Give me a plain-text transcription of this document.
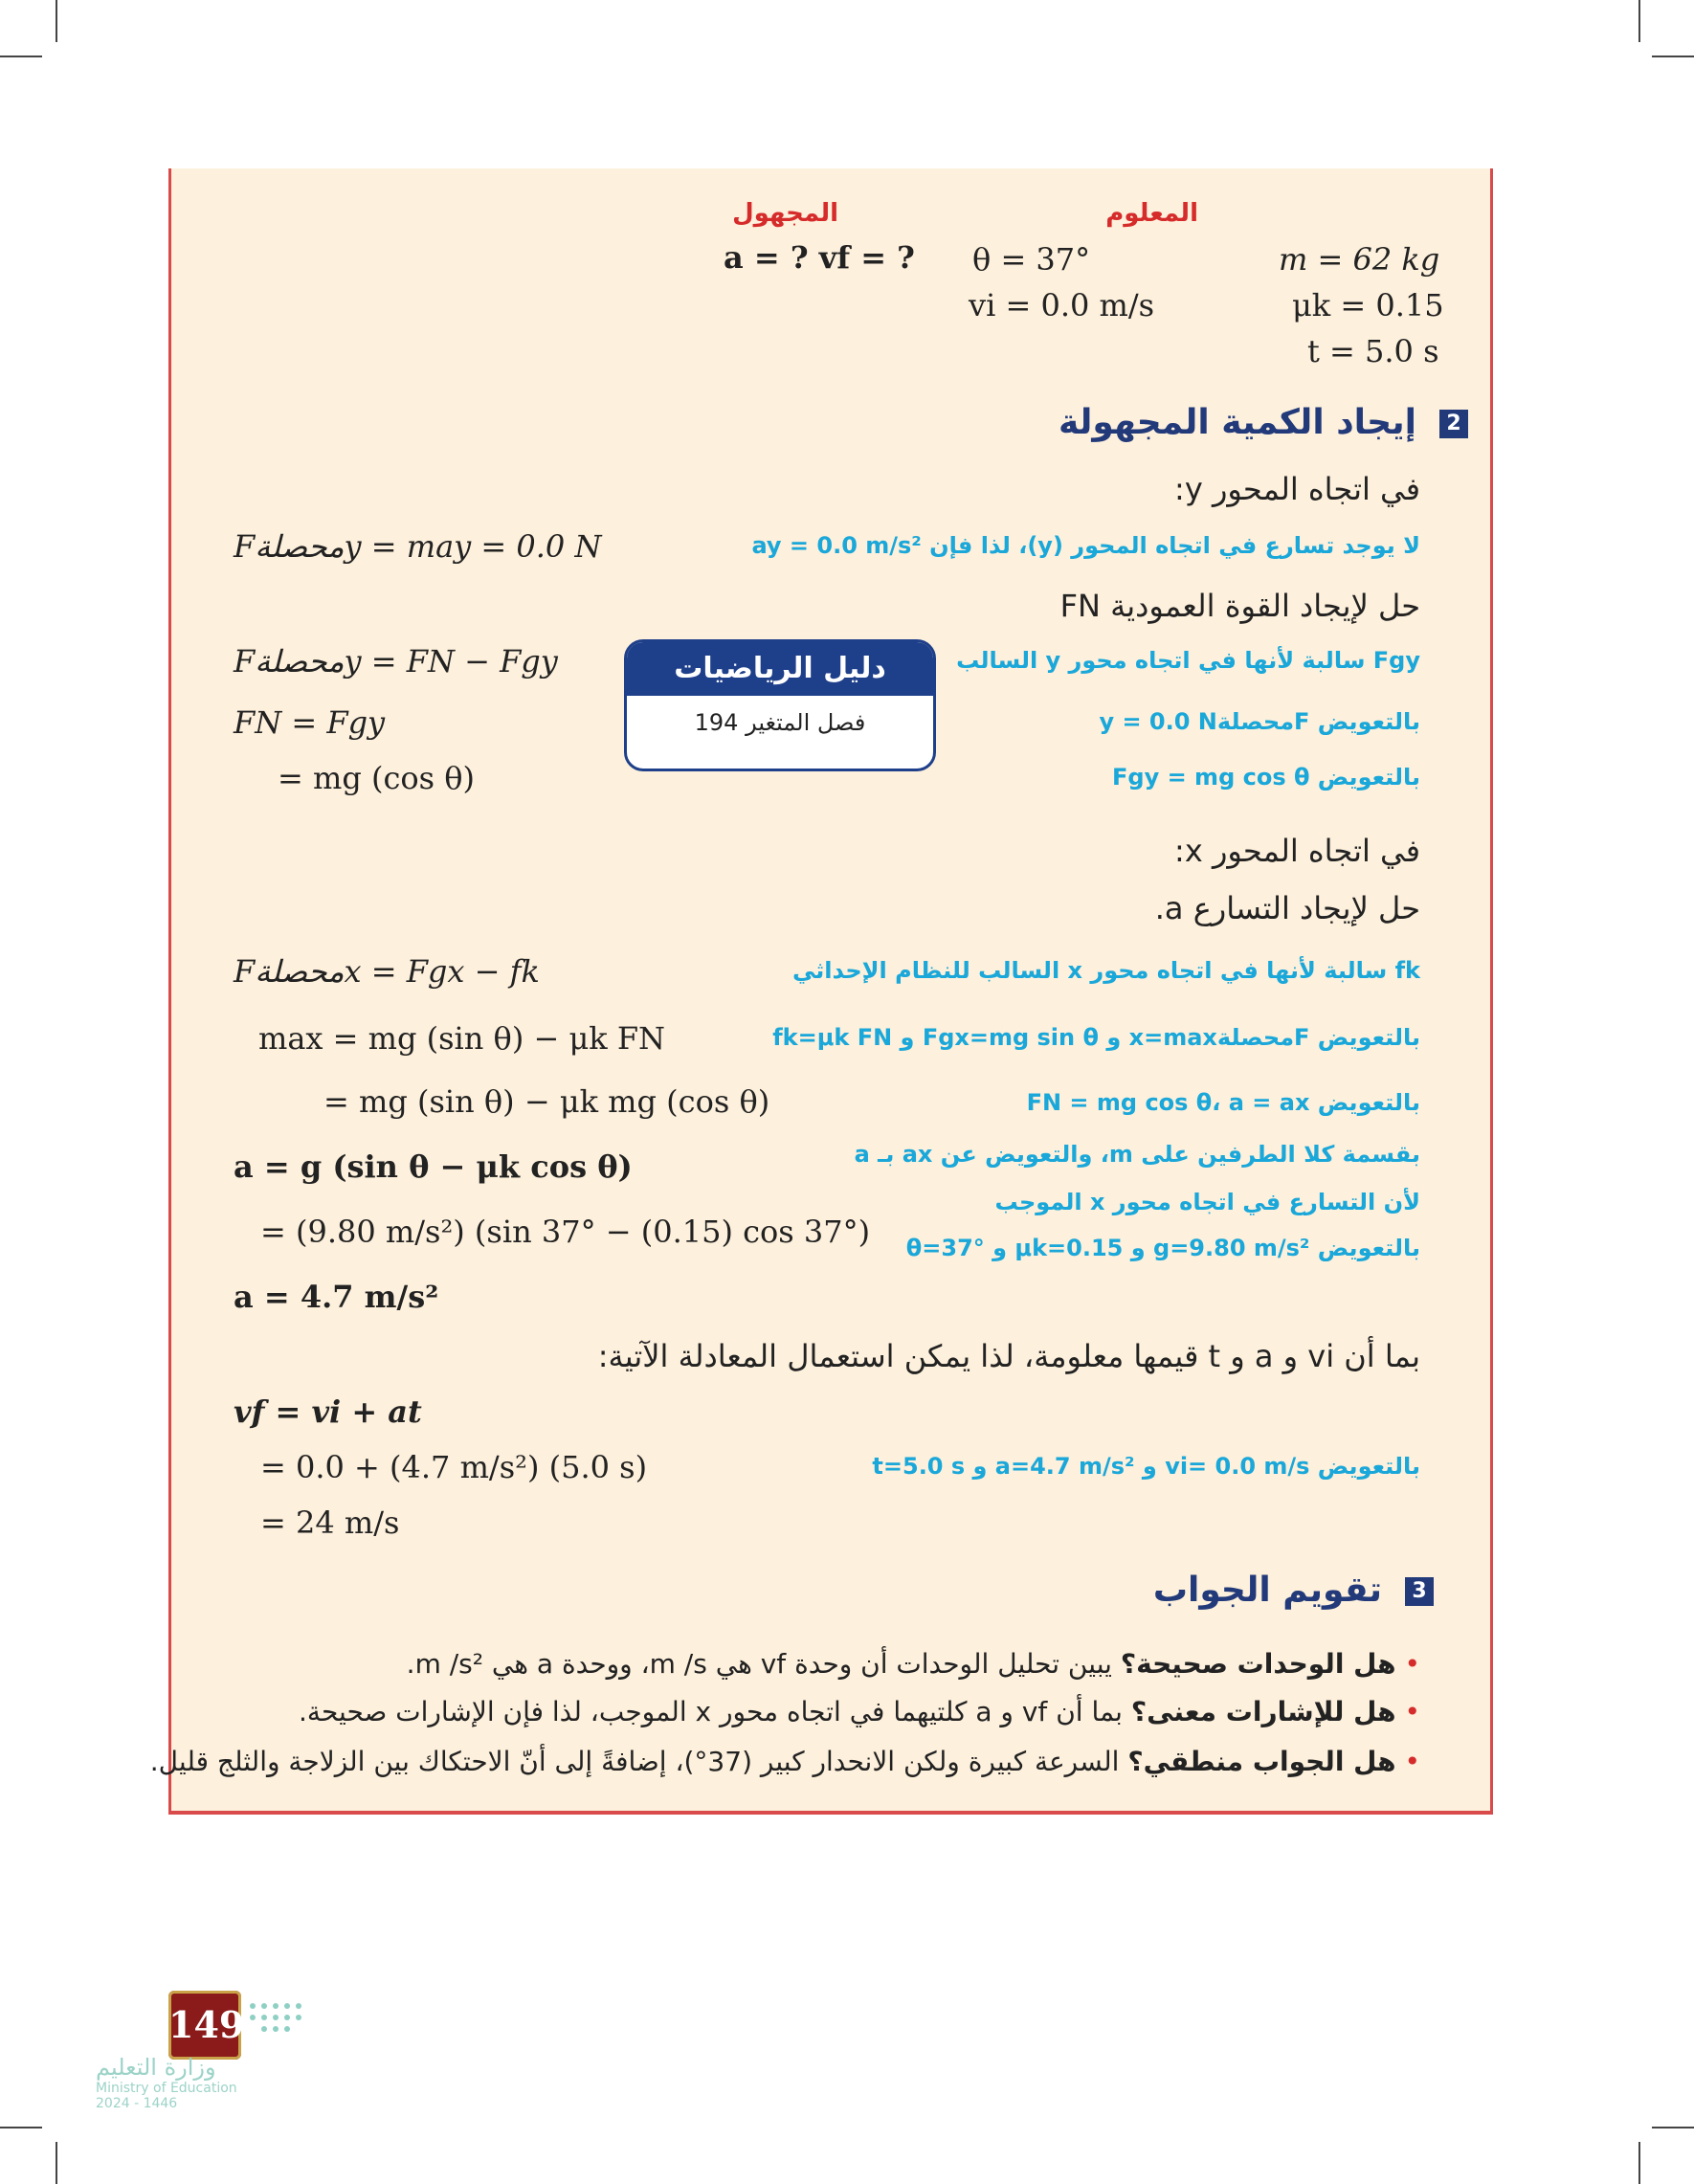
المعلوم
المجهول
m = 62 kg
μk = 0.15
t = 5.0 s
θ = 37°
vi = 0.0 m/s
a = ? vf = ?
2
إيجاد الكمية المجهولة
في اتجاه المحور y:
لا يوجد تسارع في اتجاه المحور (y)، لذا فإن ay = 0.0 m/s²
Fمحصلةy = may = 0.0 N
حل لإيجاد القوة العمودية FN
Fgy سالبة لأنها في اتجاه محور y السالب
Fمحصلةy = FN − Fgy
FN = Fgy
= mg (cos θ)
بالتعويض Fمحصلةy = 0.0 N
بالتعويض Fgy = mg cos θ
دليل الرياضيات
فصل المتغير 194
في اتجاه المحور x:
حل لإيجاد التسارع a.
fk سالبة لأنها في اتجاه محور x السالب للنظام الإحداثي
Fمحصلةx = Fgx − fk
بالتعويض Fمحصلةx=max و Fgx=mg sin θ و fk=μk FN
max = mg (sin θ) − μk FN
بالتعويض FN = mg cos θ، a = ax
= mg (sin θ) − μk mg (cos θ)
بقسمة كلا الطرفين على m، والتعويض عن ax بـ a
a = g (sin θ − μk cos θ)
لأن التسارع في اتجاه محور x الموجب
بالتعويض g=9.80 m/s² و μk=0.15 و θ=37°
= (9.80 m/s²) (sin 37° − (0.15) cos 37°)
a = 4.7 m/s²
بما أن vi و a و t قيمها معلومة، لذا يمكن استعمال المعادلة الآتية:
vf = vi + at
= 0.0 + (4.7 m/s²) (5.0 s)	بالتعويض vi= 0.0 m/s و a=4.7 m/s² و t=5.0 s
= 24 m/s
3
تقويم الجواب
• هل الوحدات صحيحة؟ يبين تحليل الوحدات أن وحدة vf هي m /s، ووحدة a هي m /s².
• هل للإشارات معنى؟ بما أن vf و a كلتيهما في اتجاه محور x الموجب، لذا فإن الإشارات صحيحة.
• هل الجواب منطقي؟ السرعة كبيرة ولكن الانحدار كبير (37°)، إضافةً إلى أنّ الاحتكاك بين الزلاجة والثلج قليل.
149
وزارة التعليم
Ministry of Education
2024 - 1446
